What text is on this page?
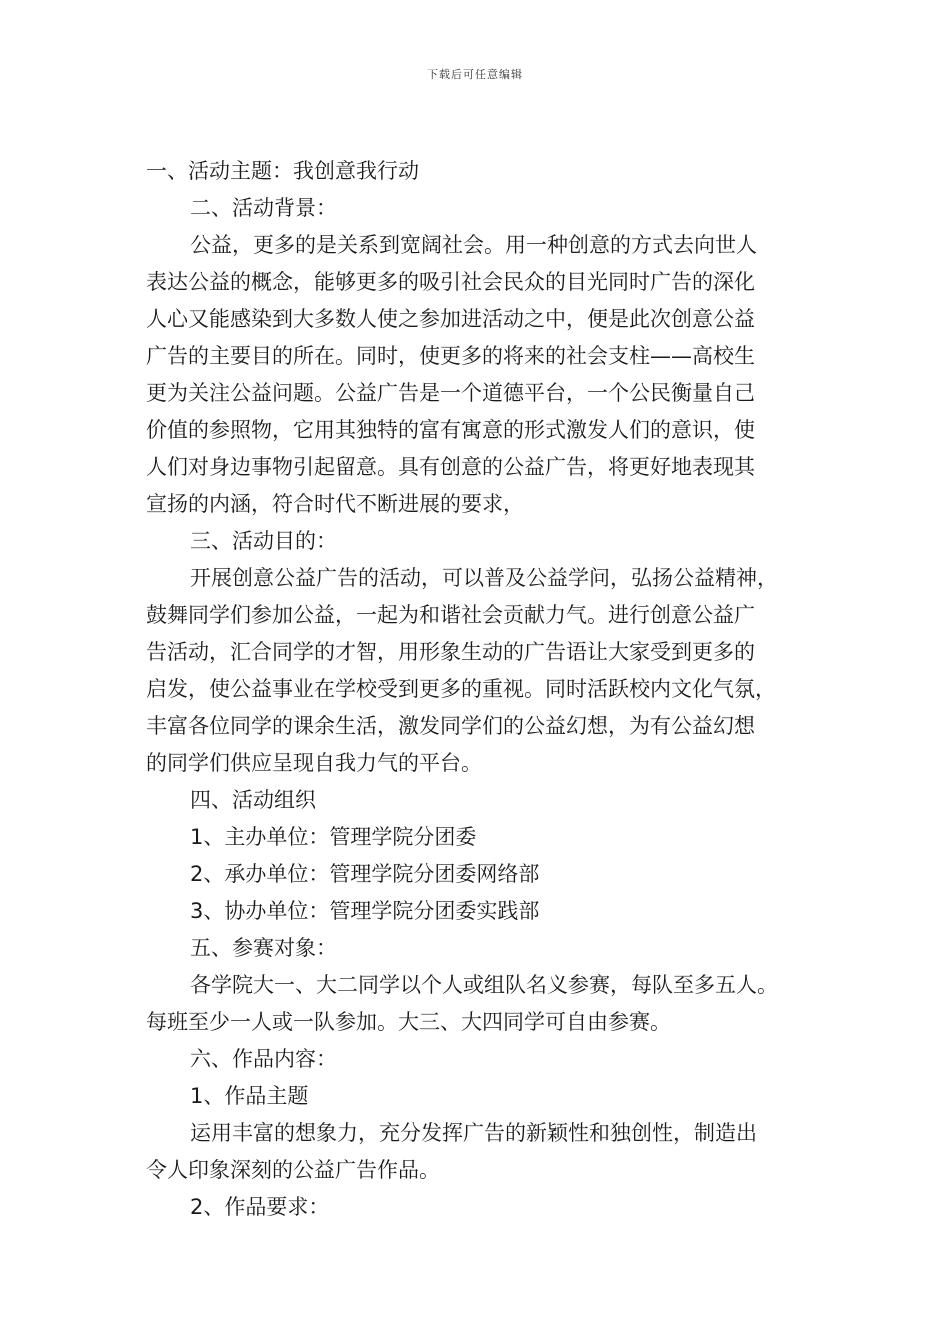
下载后可任意编辑
一、活动主题：我创意我行动
二、活动背景：
公益，更多的是关系到宽阔社会。用一种创意的方式去向世人
表达公益的概念，能够更多的吸引社会民众的目光同时广告的深化
人心又能感染到大多数人使之参加进活动之中，便是此次创意公益
广告的主要目的所在。同时，使更多的将来的社会支柱——高校生
更为关注公益问题。公益广告是一个道德平台，一个公民衡量自己
价值的参照物，它用其独特的富有寓意的形式激发人们的意识，使
人们对身边事物引起留意。具有创意的公益广告，将更好地表现其
宣扬的内涵，符合时代不断进展的要求，
三、活动目的：
开展创意公益广告的活动，可以普及公益学问，弘扬公益精神，
鼓舞同学们参加公益，一起为和谐社会贡献力气。进行创意公益广
告活动，汇合同学的才智，用形象生动的广告语让大家受到更多的
启发，使公益事业在学校受到更多的重视。同时活跃校内文化气氛，
丰富各位同学的课余生活，激发同学们的公益幻想，为有公益幻想
的同学们供应呈现自我力气的平台。
四、活动组织
1、主办单位：管理学院分团委
2、承办单位：管理学院分团委网络部
3、协办单位：管理学院分团委实践部
五、参赛对象：
各学院大一、大二同学以个人或组队名义参赛，每队至多五人。
每班至少一人或一队参加。大三、大四同学可自由参赛。
六、作品内容：
1、作品主题
运用丰富的想象力，充分发挥广告的新颖性和独创性，制造出
令人印象深刻的公益广告作品。
2、作品要求：
